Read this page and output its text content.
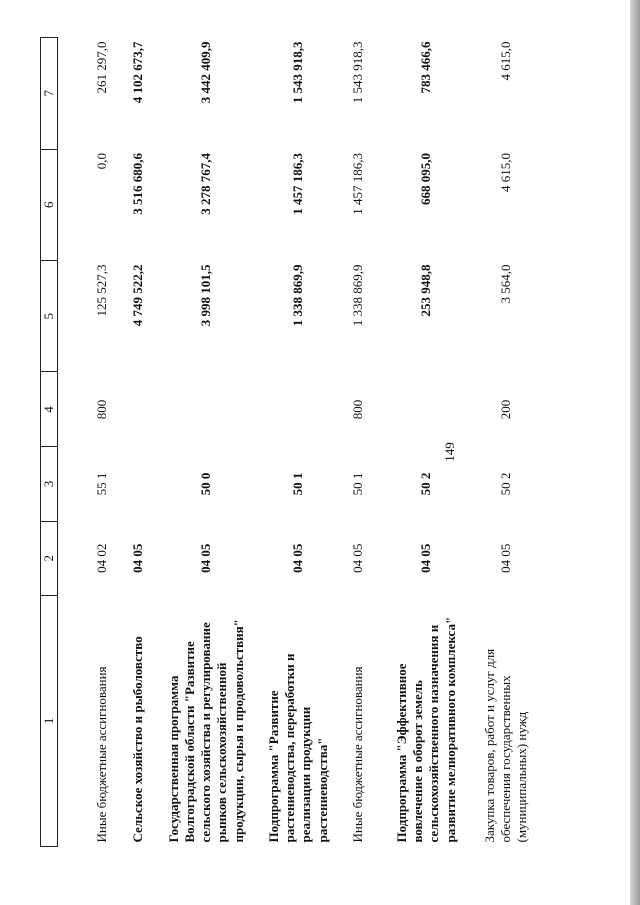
149
1	2	3	4	5	6	7

Иные бюджетные ассигнования	04 02	55 1	800	125 527,3	0,0	261 297,0
Сельское хозяйство и рыболовство	04 05			4 749 522,2	3 516 680,6	4 102 673,7
Государственная программа Волгоградской области "Развитие сельского хозяйства и регулирование рынков сельскохозяйственной продукции, сырья и продовольствия"	04 05	50 0		3 998 101,5	3 278 767,4	3 442 409,9
Подпрограмма "Развитие растениеводства, переработки и реализации продукции растениеводства"	04 05	50 1		1 338 869,9	1 457 186,3	1 543 918,3
Иные бюджетные ассигнования	04 05	50 1	800	1 338 869,9	1 457 186,3	1 543 918,3
Подпрограмма "Эффективное вовлечение в оборот земель сельскохозяйственного назначения и развитие мелиоративного комплекса"	04 05	50 2		253 948,8	668 095,0	783 466,6
Закупка товаров, работ и услуг для обеспечения государственных (муниципальных) нужд	04 05	50 2	200	3 564,0	4 615,0	4 615,0
